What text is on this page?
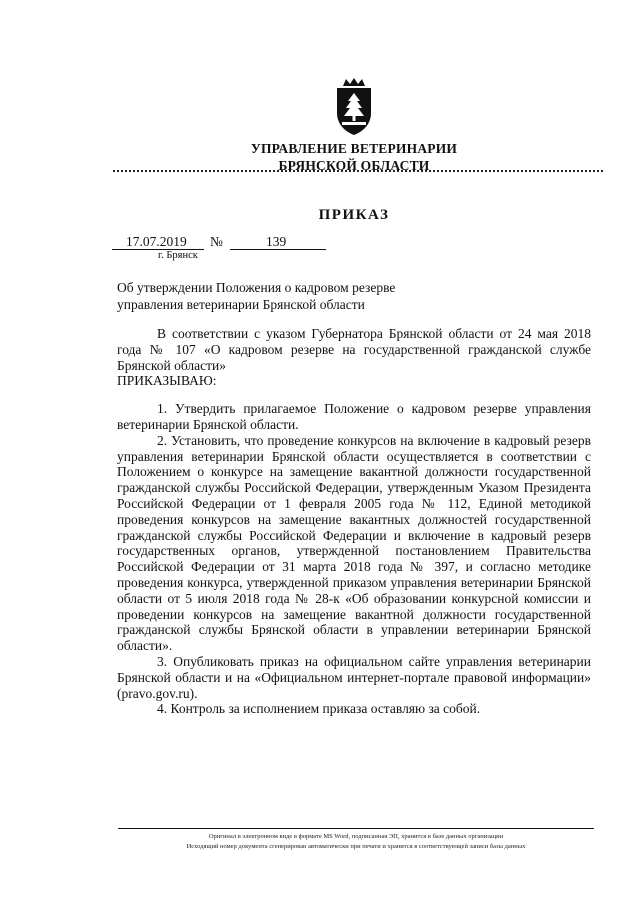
УПРАВЛЕНИЕ ВЕТЕРИНАРИИ
БРЯНСКОЙ ОБЛАСТИ
ПРИКАЗ
17.07.2019	№	139
г. Брянск
Об утверждении Положения о кадровом резерве
управления ветеринарии Брянской области

В соответствии с указом Губернатора Брянской области от 24 мая 2018 года № 107 «О кадровом резерве на государственной гражданской службе Брянской области»

ПРИКАЗЫВАЮ:

1. Утвердить прилагаемое Положение о кадровом резерве управления ветеринарии Брянской области.

2. Установить, что проведение конкурсов на включение в кадровый резерв управления ветеринарии Брянской области осуществляется в соответствии с Положением о конкурсе на замещение вакантной должности государственной гражданской службы Российской Федерации, утвержденным Указом Президента Российской Федерации от 1 февраля 2005 года № 112, Единой методикой проведения конкурсов на замещение вакантных должностей государственной гражданской службы Российской Федерации и включение в кадровый резерв государственных органов, утвержденной постановлением Правительства Российской Федерации от 31 марта 2018 года № 397, и согласно методике проведения конкурса, утвержденной приказом управления ветеринарии Брянской области от 5 июля 2018 года № 28-к «Об образовании конкурсной комиссии и проведении конкурсов на замещение вакантной должности государственной гражданской службы Брянской области в управлении ветеринарии Брянской области».

3. Опубликовать приказ на официальном сайте управления ветеринарии Брянской области и на «Официальном интернет-портале правовой информации» (pravo.gov.ru).

4. Контроль за исполнением приказа оставляю за собой.

Оригинал в электронном виде в формате MS Word, подписанная ЭП, хранится в базе данных организации
Исходящий номер документа сгенерирован автоматически при печати и хранится в соответствующей записи базы данных
